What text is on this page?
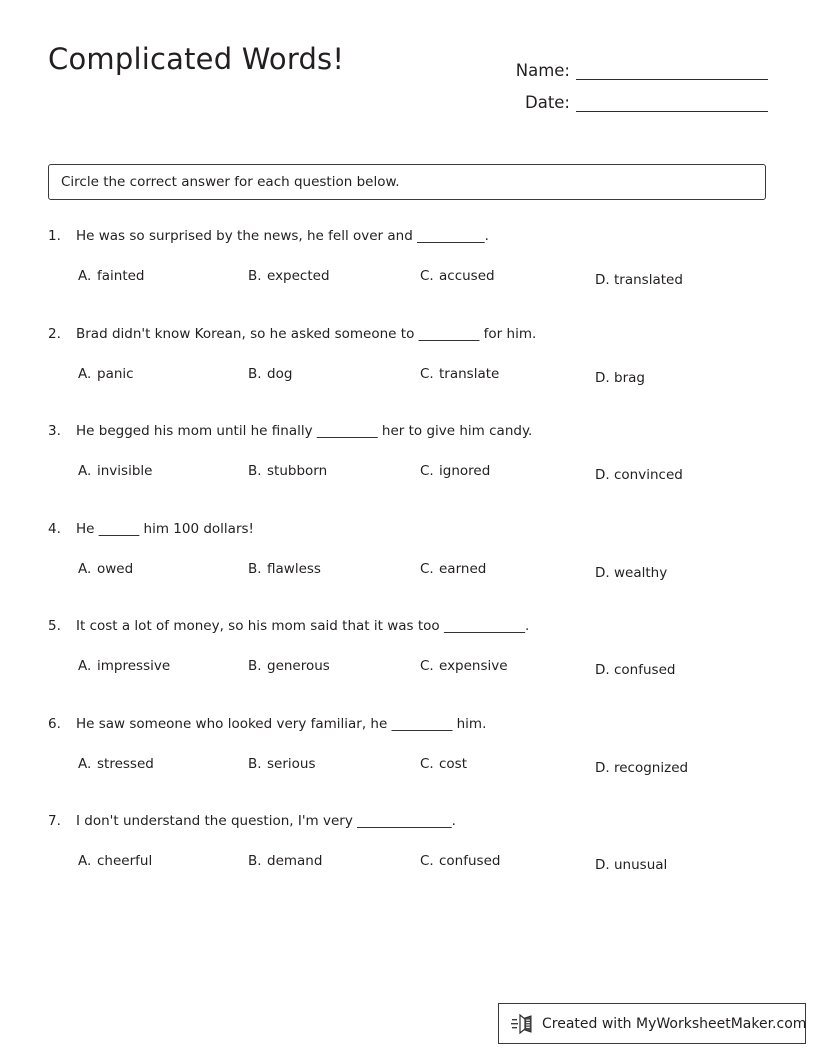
Complicated Words!	Name:
Date:
Circle the correct answer for each question below.
1. He was so surprised by the news, he fell over and __________.
A. fainted	B. expected	C. accused	D. translated
2. Brad didn't know Korean, so he asked someone to _________ for him.
A. panic	B. dog	C. translate	D. brag
3. He begged his mom until he finally _________ her to give him candy.
A. invisible	B. stubborn	C. ignored	D. convinced
4. He ______ him 100 dollars!
A. owed	B. flawless	C. earned	D. wealthy
5. It cost a lot of money, so his mom said that it was too ____________.
A. impressive	B. generous	C. expensive	D. confused
6. He saw someone who looked very familiar, he _________ him.
A. stressed	B. serious	C. cost	D. recognized
7. I don't understand the question, I'm very ______________.
A. cheerful	B. demand	C. confused	D. unusual
Created with MyWorksheetMaker.com
